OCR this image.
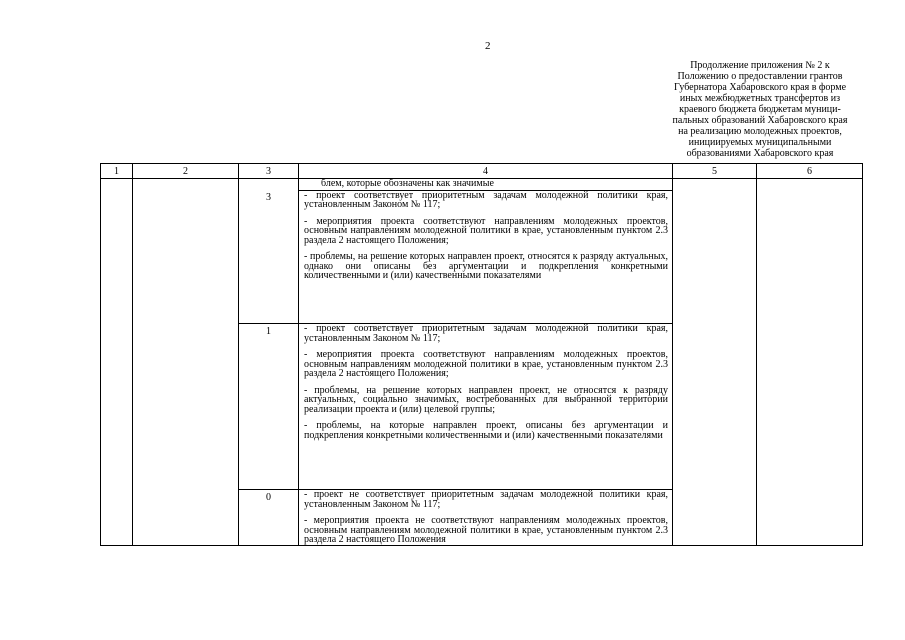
2
Продолжение приложения № 2 к
Положению о предоставлении грантов
Губернатора Хабаровского края в форме
иных межбюджетных трансфертов из
краевого бюджета бюджетам муници-
пальных образований Хабаровского края
на реализацию молодежных проектов,
инициируемых муниципальными
образованиями Хабаровского края
1	2	3	4	5	6

			блем, которые обозначены как значимые		

		3	- проект соответствует приоритетным задачам молодежной политики края, установленным Законом № 117;

- мероприятия проекта соответствуют направлениям молодежных проектов, основным направлениям молодежной политики в крае, установленным пунктом 2.3 раздела 2 настоящего Положения;

- проблемы, на решение которых направлен проект, относятся к разряду актуальных, однако они описаны без аргументации и подкрепления конкретными количественными и (или) качественными показателями		

		1	- проект соответствует приоритетным задачам молодежной политики края, установленным Законом № 117;

- мероприятия проекта соответствуют направлениям молодежных проектов, основным направлениям молодежной политики в крае, установленным пунктом 2.3 раздела 2 настоящего Положения;

- проблемы, на решение которых направлен проект, не относятся к разряду актуальных, социально значимых, востребованных для выбранной территории реализации проекта и (или) целевой группы;

- проблемы, на которые направлен проект, описаны без аргументации и подкрепления конкретными количественными и (или) качественными показателями		

		0	- проект не соответствует приоритетным задачам молодежной политики края, установленным Законом № 117;

- мероприятия проекта не соответствуют направлениям молодежных проектов, основным направлениям молодежной политики в крае, установленным пунктом 2.3 раздела 2 настоящего Положения		
